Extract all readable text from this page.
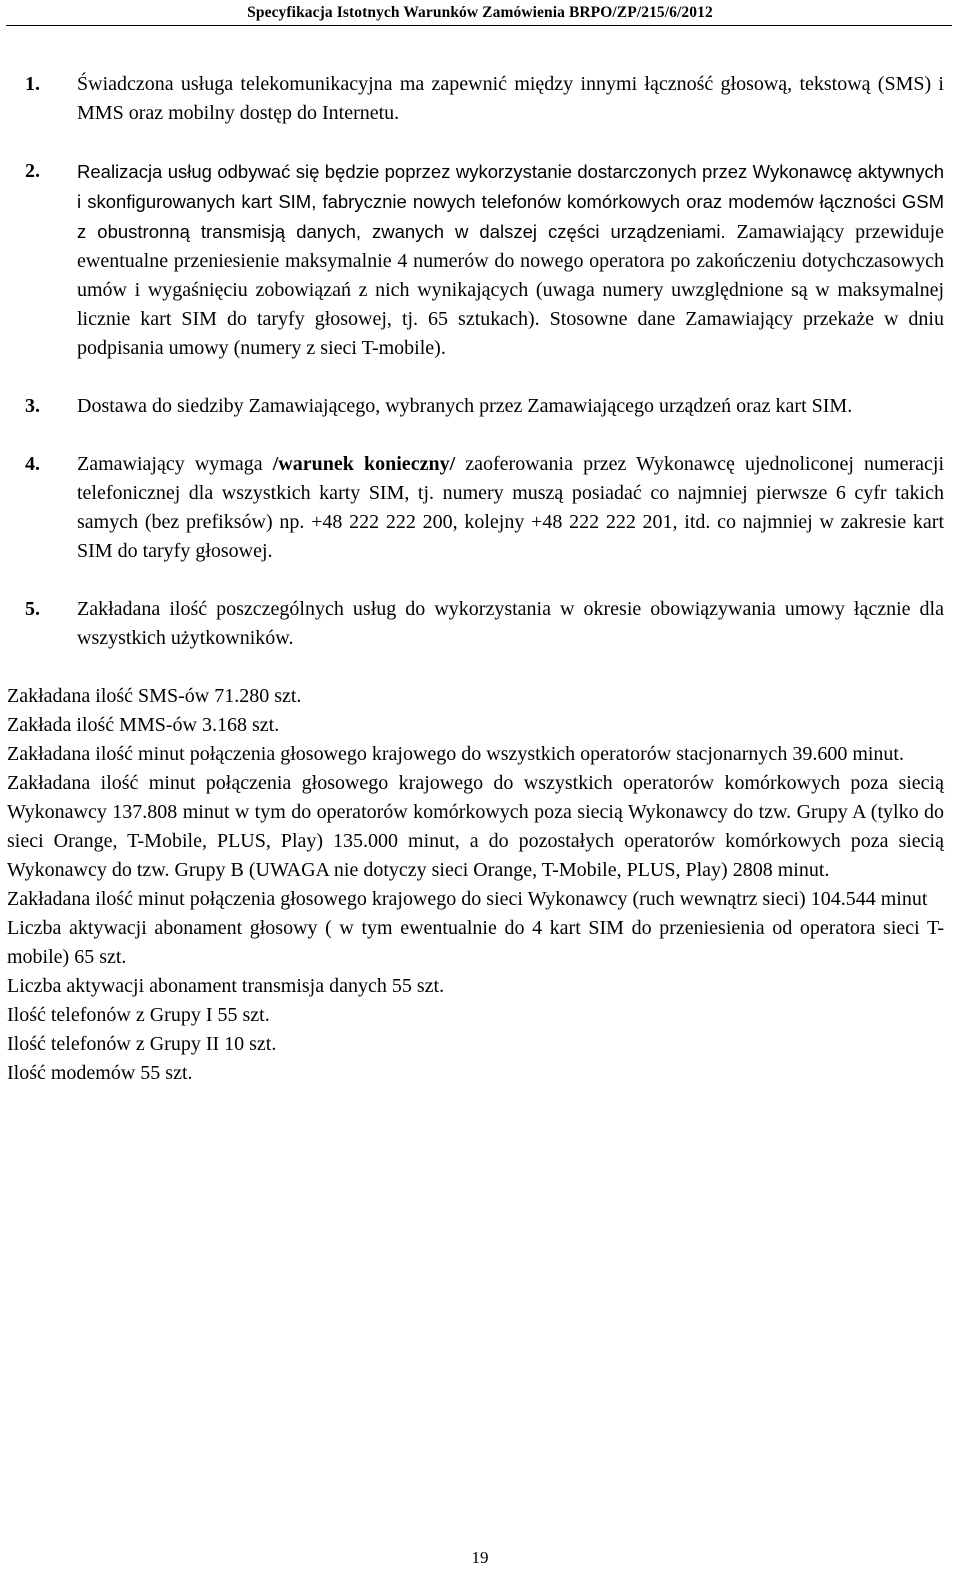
Specyfikacja Istotnych Warunków Zamówienia BRPO/ZP/215/6/2012
1. Świadczona usługa telekomunikacyjna ma zapewnić między innymi łączność głosową, tekstową (SMS) i MMS oraz mobilny dostęp do Internetu.
2. Realizacja usług odbywać się będzie poprzez wykorzystanie dostarczonych przez Wykonawcę aktywnych i skonfigurowanych kart SIM, fabrycznie nowych telefonów komórkowych oraz modemów łączności GSM z obustronną transmisją danych, zwanych w dalszej części urządzeniami. Zamawiający przewiduje ewentualne przeniesienie maksymalnie 4 numerów do nowego operatora po zakończeniu dotychczasowych umów i wygaśnięciu zobowiązań z nich wynikających (uwaga numery uwzględnione są w maksymalnej licznie kart SIM do taryfy głosowej, tj. 65 sztukach). Stosowne dane Zamawiający przekaże w dniu podpisania umowy (numery z sieci T-mobile).
3. Dostawa do siedziby Zamawiającego, wybranych przez Zamawiającego urządzeń oraz kart SIM.
4. Zamawiający wymaga /warunek konieczny/ zaoferowania przez Wykonawcę ujednoliconej numeracji telefonicznej dla wszystkich karty SIM, tj. numery muszą posiadać co najmniej pierwsze 6 cyfr takich samych (bez prefiksów) np. +48 222 222 200, kolejny +48 222 222 201, itd. co najmniej w zakresie kart SIM do taryfy głosowej.
5. Zakładana ilość poszczególnych usług do wykorzystania w okresie obowiązywania umowy łącznie dla wszystkich użytkowników.
Zakładana ilość SMS-ów 71.280 szt.
Zakłada ilość MMS-ów 3.168 szt.
Zakładana ilość minut połączenia głosowego krajowego do wszystkich operatorów stacjonarnych 39.600 minut.
Zakładana ilość minut połączenia głosowego krajowego do wszystkich operatorów komórkowych poza siecią Wykonawcy 137.808 minut w tym do operatorów komórkowych poza siecią Wykonawcy do tzw. Grupy A (tylko do sieci Orange, T-Mobile, PLUS, Play) 135.000 minut, a do pozostałych operatorów komórkowych poza siecią Wykonawcy do tzw. Grupy B (UWAGA nie dotyczy sieci Orange, T-Mobile, PLUS, Play) 2808 minut.
Zakładana ilość minut połączenia głosowego krajowego do sieci Wykonawcy (ruch wewnątrz sieci) 104.544 minut
Liczba aktywacji abonament głosowy ( w tym ewentualnie do 4 kart SIM do przeniesienia od operatora sieci T-mobile) 65 szt.
Liczba aktywacji abonament transmisja danych 55 szt.
Ilość telefonów z Grupy I 55 szt.
Ilość telefonów z Grupy II 10 szt.
Ilość modemów 55 szt.
19
